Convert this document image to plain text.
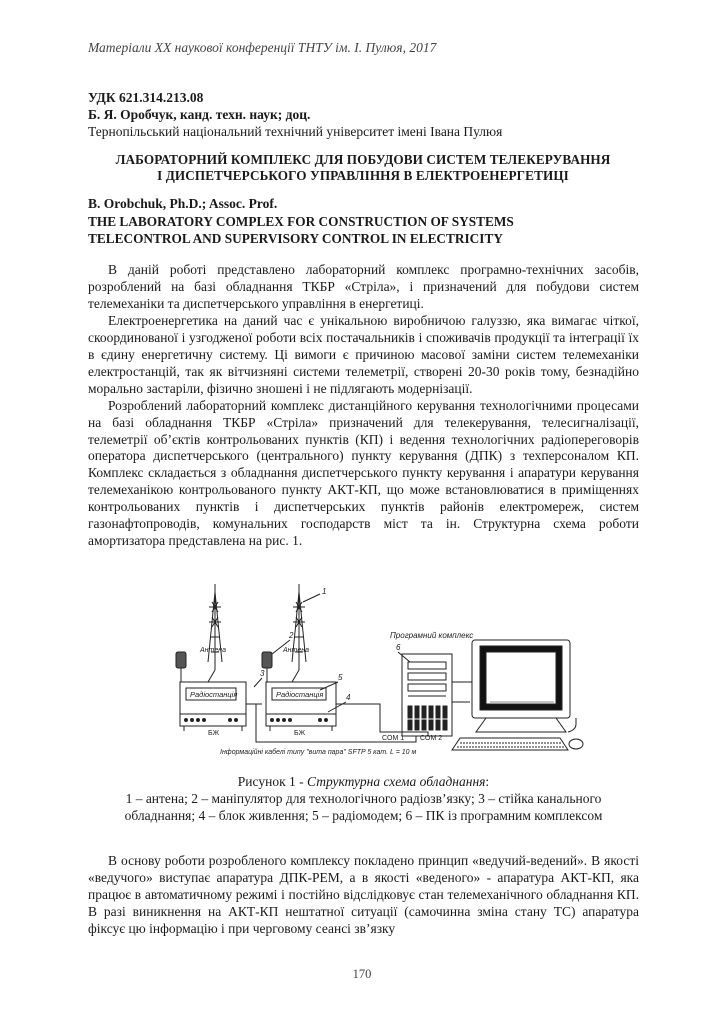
Матеріали XX наукової конференції ТНТУ ім. І. Пулюя, 2017
УДК 621.314.213.08
Б. Я. Оробчук, канд. техн. наук; доц.
Тернопільський національний технічний університет імені Івана Пулюя
ЛАБОРАТОРНИЙ КОМПЛЕКС ДЛЯ ПОБУДОВИ СИСТЕМ ТЕЛЕКЕРУВАННЯ
І ДИСПЕТЧЕРСЬКОГО УПРАВЛІННЯ В ЕЛЕКТРОЕНЕРГЕТИЦІ
B. Orobchuk, Ph.D.; Assoc. Prof.
THE LABORATORY COMPLEX FOR CONSTRUCTION OF SYSTEMS
TELECONTROL AND SUPERVISORY CONTROL IN ELECTRICITY

В даній роботі представлено лабораторний комплекс програмно-технічних засобів, розроблений на базі обладнання ТКБР «Стріла», і призначений для побудови систем телемеханіки та диспетчерського управління в енергетиці.

Електроенергетика на даний час є унікальною виробничою галуззю, яка вимагає чіткої, скоординованої і узгодженої роботи всіх постачальників і споживачів продукції та інтеграції їх в єдину енергетичну систему. Ці вимоги є причиною масової заміни систем телемеханіки електростанцій, так як вітчизняні системи телеметрії, створені 20-30 років тому, безнадійно морально застаріли, фізично зношені і не підлягають модернізації.

Розроблений лабораторний комплекс дистанційного керування технологічними процесами на базі обладнання ТКБР «Стріла» призначений для телекерування, телесигналізації, телеметрії об’єктів контрольованих пунктів (КП) і ведення технологічних радіопереговорів оператора диспетчерського (центрального) пункту керування (ДПК) з техперсоналом КП. Комплекс складається з обладнання диспетчерського пункту керування і апаратури керування телемеханікою контрольованого пункту АКТ-КП, що може встановлюватися в приміщеннях контрольованих пунктів і диспетчерських пунктів районів електромереж, систем газонафтопроводів, комунальних господарств міст та ін. Структурна схема роботи амортизатора представлена на рис. 1.

Програмний комплекс
Антена	Антена
Радіостанція	Радіостанція
БЖ	БЖ
COM 1 COM 2
Інформаційні кабелі типу "вита пара" SFTP 5 кат. L = 10 м
1
2
3
4
5
6
Рисунок 1 - Структурна схема обладнання:
1 – антена; 2 – маніпулятор для технологічного радіозв’язку; 3 – стійка канального
обладнання; 4 – блок живлення; 5 – радіомодем; 6 – ПК із програмним комплексом

В основу роботи розробленого комплексу покладено принцип «ведучий-ведений». В якості «ведучого» виступає апаратура ДПК-РЕМ, а в якості «веденого» - апаратура АКТ-КП, яка працює в автоматичному режимі і постійно відслідковує стан телемеханічного обладнання КП. В разі виникнення на АКТ-КП нештатної ситуації (самочинна зміна стану ТС) апаратура фіксує цю інформацію і при черговому сеансі зв’язку

170
